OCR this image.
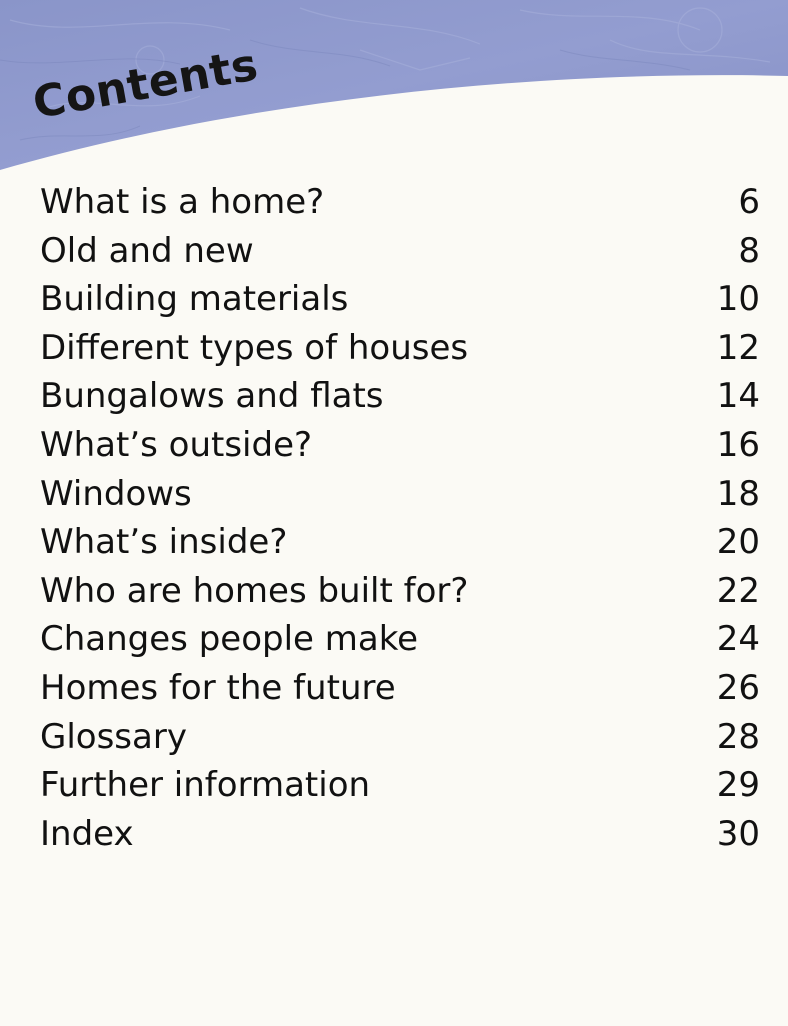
Contents
What is a home?	6
Old and new	8
Building materials	10
Different types of houses	12
Bungalows and flats	14
What’s outside?	16
Windows	18
What’s inside?	20
Who are homes built for?	22
Changes people make	24
Homes for the future	26
Glossary	28
Further information	29
Index	30
